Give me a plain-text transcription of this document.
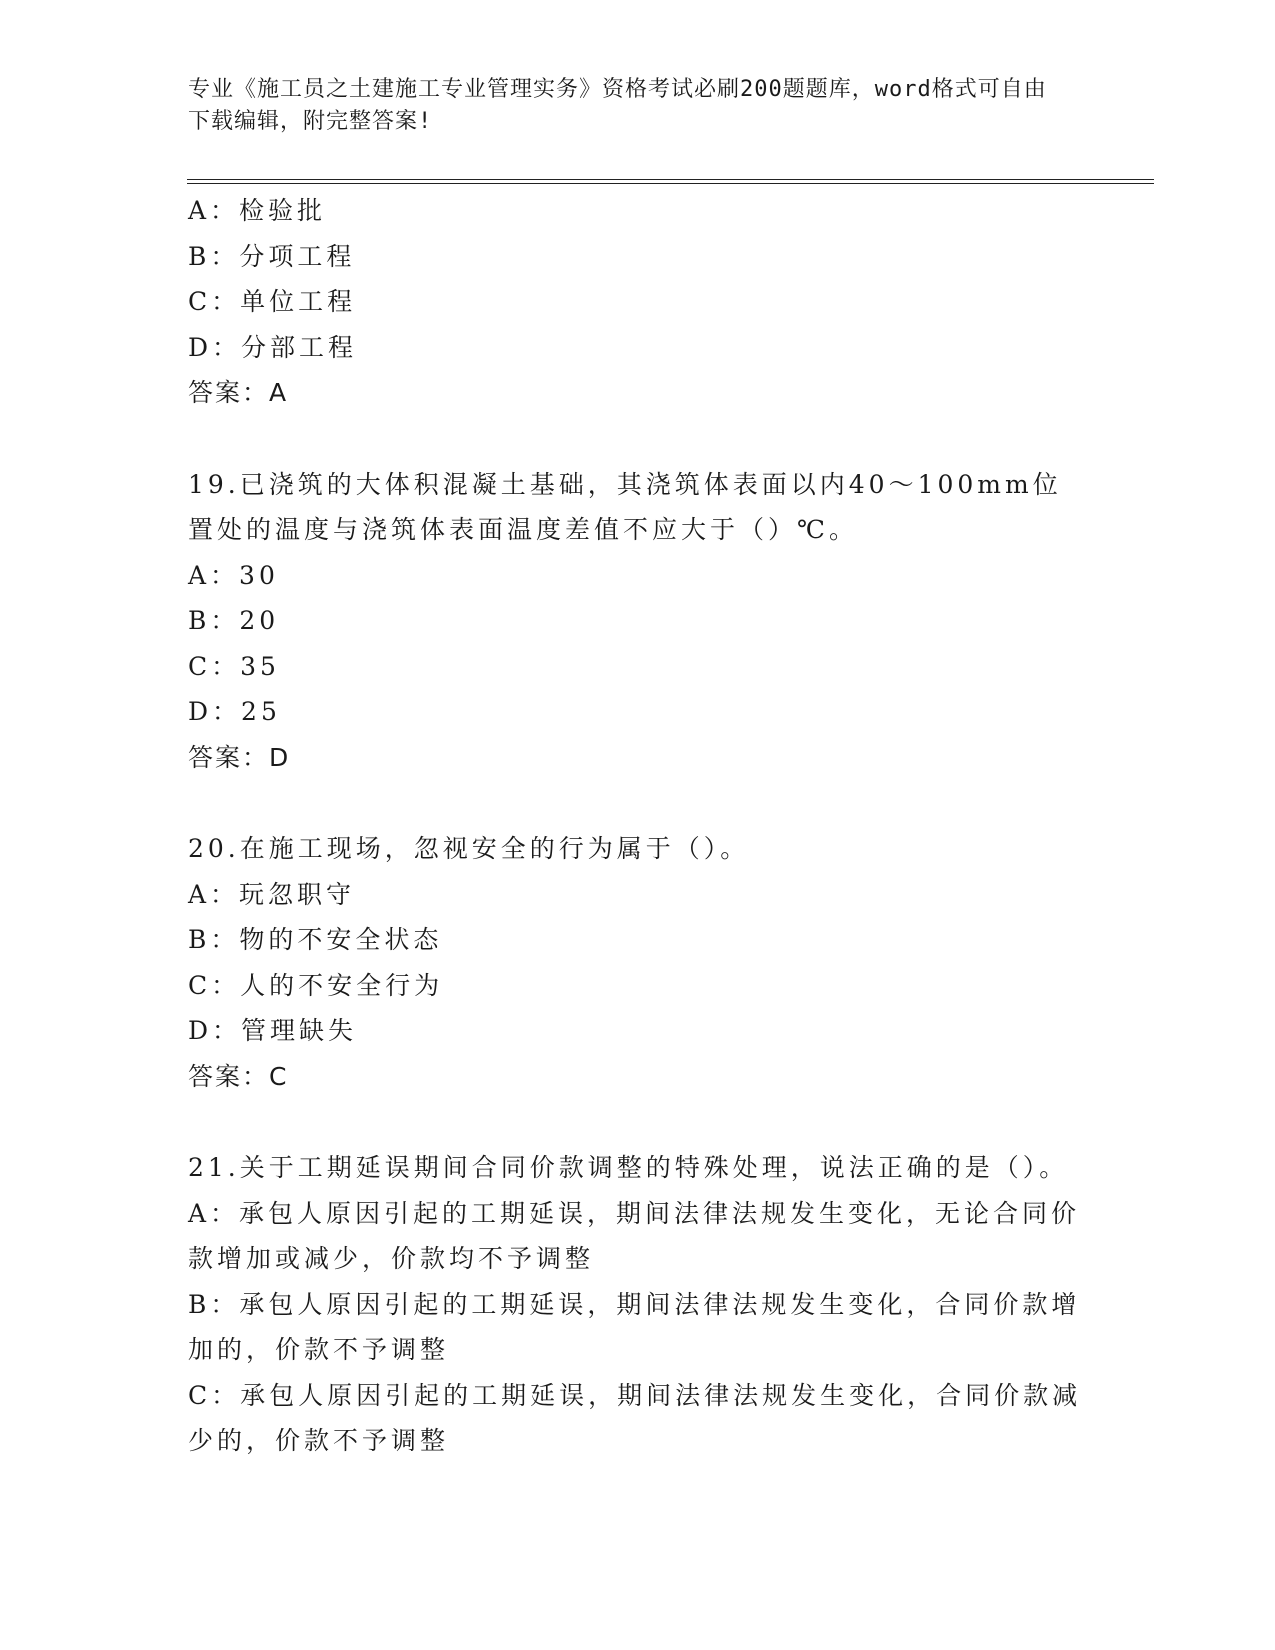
专业《施工员之土建施工专业管理实务》资格考试必刷200题题库，word格式可自由下载编辑，附完整答案!
A：检验批
B：分项工程
C：单位工程
D：分部工程
答案：A
19.已浇筑的大体积混凝土基础，其浇筑体表面以内40～100mm位置处的温度与浇筑体表面温度差值不应大于（）℃。
A：30
B：20
C：35
D：25
答案：D
20.在施工现场，忽视安全的行为属于（）。
A：玩忽职守
B：物的不安全状态
C：人的不安全行为
D：管理缺失
答案：C
21.关于工期延误期间合同价款调整的特殊处理，说法正确的是（）。
A：承包人原因引起的工期延误，期间法律法规发生变化，无论合同价款增加或减少，价款均不予调整
B：承包人原因引起的工期延误，期间法律法规发生变化，合同价款增加的，价款不予调整
C：承包人原因引起的工期延误，期间法律法规发生变化，合同价款减少的，价款不予调整
